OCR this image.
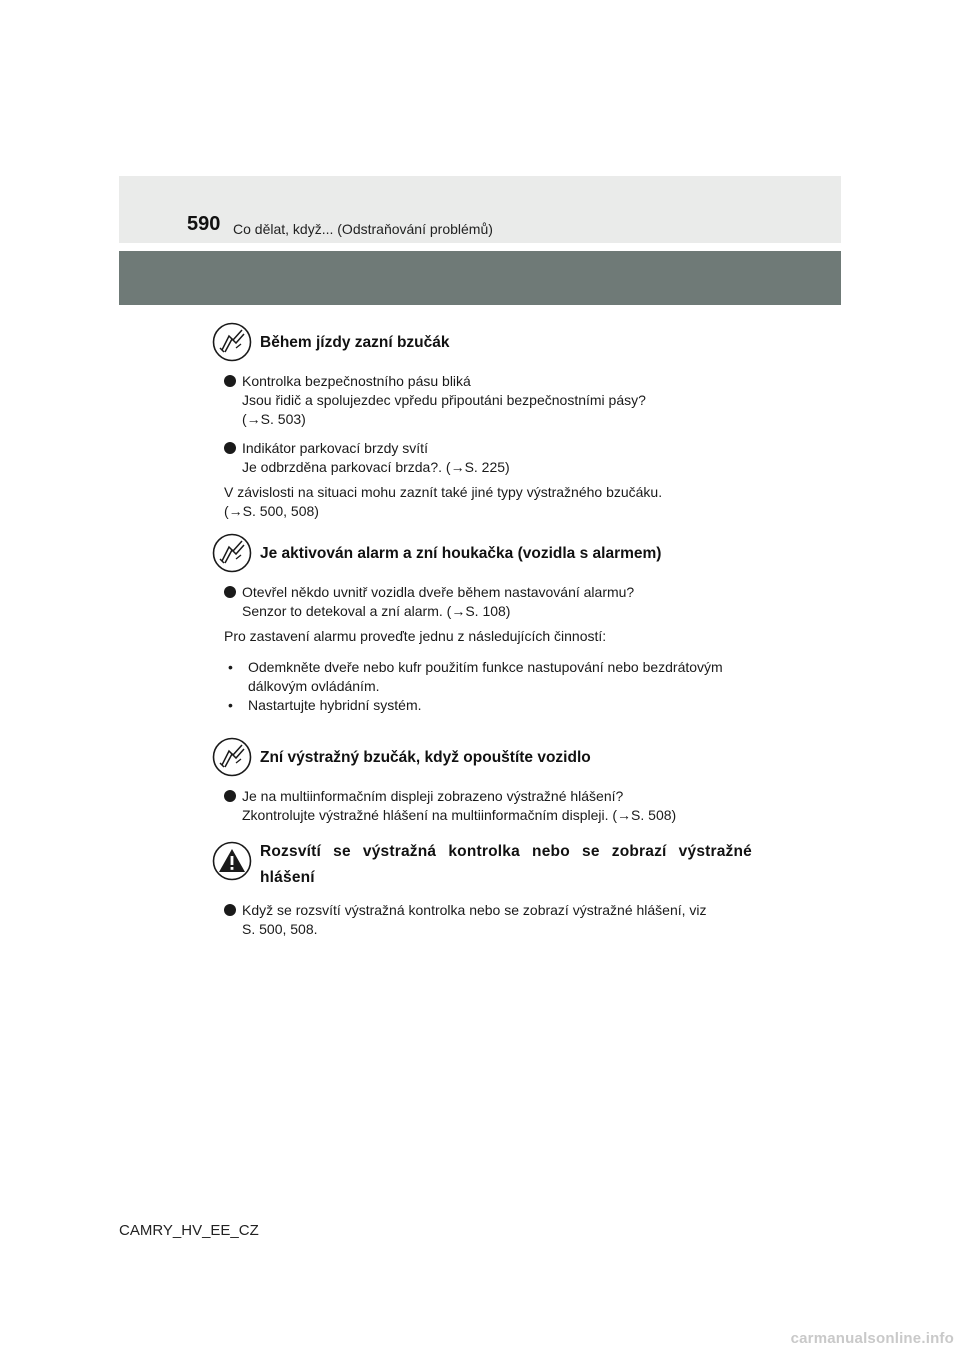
590 Co dělat, když... (Odstraňování problémů)
Během jízdy zazní bzučák
Kontrolka bezpečnostního pásu bliká
Jsou řidič a spolujezdec vpředu připoutáni bezpečnostními pásy?
(→S. 503)
Indikátor parkovací brzdy svítí
Je odbrzděna parkovací brzda?. (→S. 225)
V závislosti na situaci mohu zaznít také jiné typy výstražného bzučáku.
(→S. 500, 508)
Je aktivován alarm a zní houkačka (vozidla s alarmem)
Otevřel někdo uvnitř vozidla dveře během nastavování alarmu?
Senzor to detekoval a zní alarm. (→S. 108)
Pro zastavení alarmu proveďte jednu z následujících činností:
• Odemkněte dveře nebo kufr použitím funkce nastupování nebo bezdrátovým
dálkovým ovládáním.
• Nastartujte hybridní systém.
Zní výstražný bzučák, když opouštíte vozidlo
Je na multiinformačním displeji zobrazeno výstražné hlášení?
Zkontrolujte výstražné hlášení na multiinformačním displeji. (→S. 508)
Rozsvítí se výstražná kontrolka nebo se zobrazí výstražné hlášení
Když se rozsvítí výstražná kontrolka nebo se zobrazí výstražné hlášení, viz
S. 500, 508.
CAMRY_HV_EE_CZ
carmanualsonline.info
